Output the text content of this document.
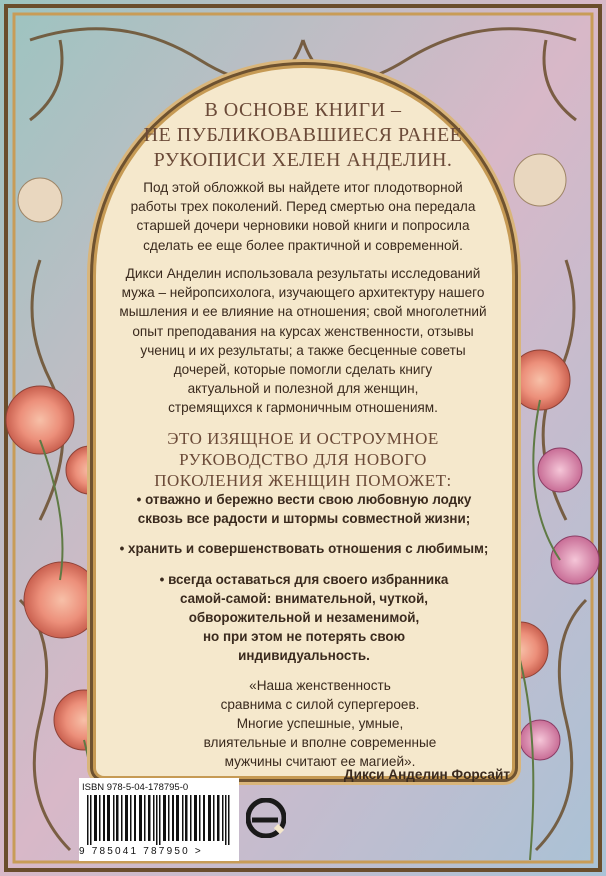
В ОСНОВЕ КНИГИ –
НЕ ПУБЛИКОВАВШИЕСЯ РАНЕЕ
РУКОПИСИ ХЕЛЕН АНДЕЛИН.
Под этой обложкой вы найдете итог плодотворной
работы трех поколений. Перед смертью она передала
старшей дочери черновики новой книги и попросила
сделать ее еще более практичной и современной.
Дикси Анделин использовала результаты исследований
мужа – нейропсихолога, изучающего архитектуру нашего
мышления и ее влияние на отношения; свой многолетний
опыт преподавания на курсах женственности, отзывы
учениц и их результаты; а также бесценные советы
дочерей, которые помогли сделать книгу
актуальной и полезной для женщин,
стремящихся к гармоничным отношениям.
ЭТО ИЗЯЩНОЕ И ОСТРОУМНОЕ
РУКОВОДСТВО ДЛЯ НОВОГО
ПОКОЛЕНИЯ ЖЕНЩИН ПОМОЖЕТ:
• отважно и бережно вести свою любовную лодку
сквозь все радости и штормы совместной жизни;
• хранить и совершенствовать отношения с любимым;
• всегда оставаться для своего избранника
самой-самой: внимательной, чуткой,
обворожительной и незаменимой,
но при этом не потерять свою
индивидуальность.
«Наша женственность
сравнима с силой супергероев.
Многие успешные, умные,
влиятельные и вполне современные
мужчины считают ее магией».
Дикси Анделин Форсайт
ISBN 978-5-04-178795-0
9 785041 787950 >
